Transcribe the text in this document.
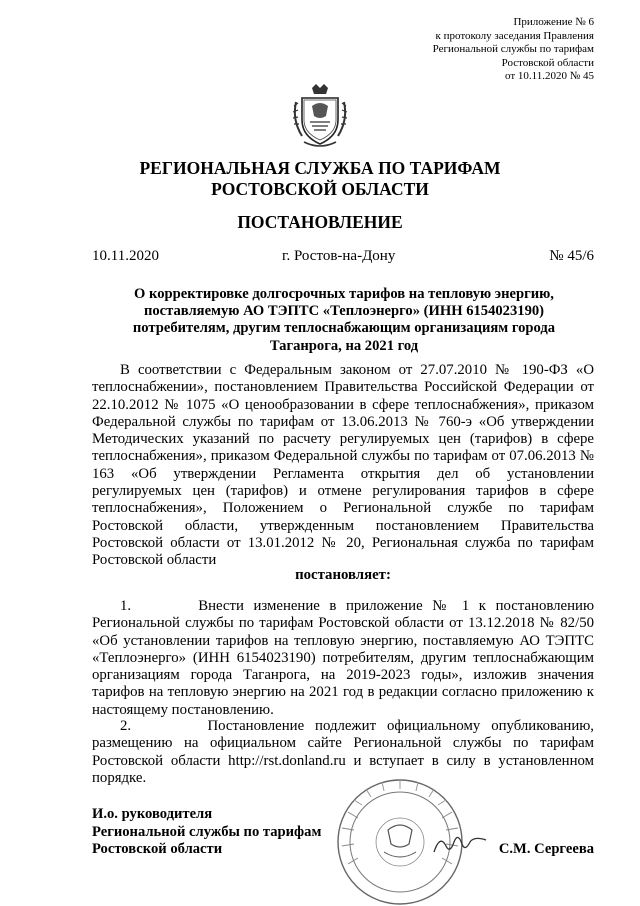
Приложение № 6
к протоколу заседания Правления
Региональной службы по тарифам
Ростовской области
от 10.11.2020 № 45
РЕГИОНАЛЬНАЯ СЛУЖБА ПО ТАРИФАМ
РОСТОВСКОЙ ОБЛАСТИ
ПОСТАНОВЛЕНИЕ
10.11.2020	г. Ростов-на-Дону	№ 45/6
О корректировке долгосрочных тарифов на тепловую энергию,
поставляемую АО ТЭПТС «Теплоэнерго» (ИНН 6154023190)
потребителям, другим теплоснабжающим организациям города
Таганрога, на 2021 год
В соответствии с Федеральным законом от 27.07.2010 № 190-ФЗ «О теплоснабжении», постановлением Правительства Российской Федерации от 22.10.2012 № 1075 «О ценообразовании в сфере теплоснабжения», приказом Федеральной службы по тарифам от 13.06.2013 № 760-э «Об утверждении Методических указаний по расчету регулируемых цен (тарифов) в сфере теплоснабжения», приказом Федеральной службы по тарифам от 07.06.2013 № 163 «Об утверждении Регламента открытия дел об установлении регулируемых цен (тарифов) и отмене регулирования тарифов в сфере теплоснабжения», Положением о Региональной службе по тарифам Ростовской области, утвержденным постановлением Правительства Ростовской области от 13.01.2012 № 20, Региональная служба по тарифам Ростовской области
постановляет:
1.       Внести изменение в приложение № 1 к постановлению Региональной службы по тарифам Ростовской области от 13.12.2018 № 82/50 «Об установлении тарифов на тепловую энергию, поставляемую АО ТЭПТС «Теплоэнерго» (ИНН 6154023190) потребителям, другим теплоснабжающим организациям города Таганрога, на 2019-2023 годы», изложив значения тарифов на тепловую энергию на 2021 год в редакции согласно приложению к настоящему постановлению.
2.       Постановление подлежит официальному опубликованию, размещению на официальном сайте Региональной службы по тарифам Ростовской области http://rst.donland.ru и вступает в силу в установленном порядке.
И.о. руководителя
Региональной службы по тарифам
Ростовской области	С.М. Сергеева
